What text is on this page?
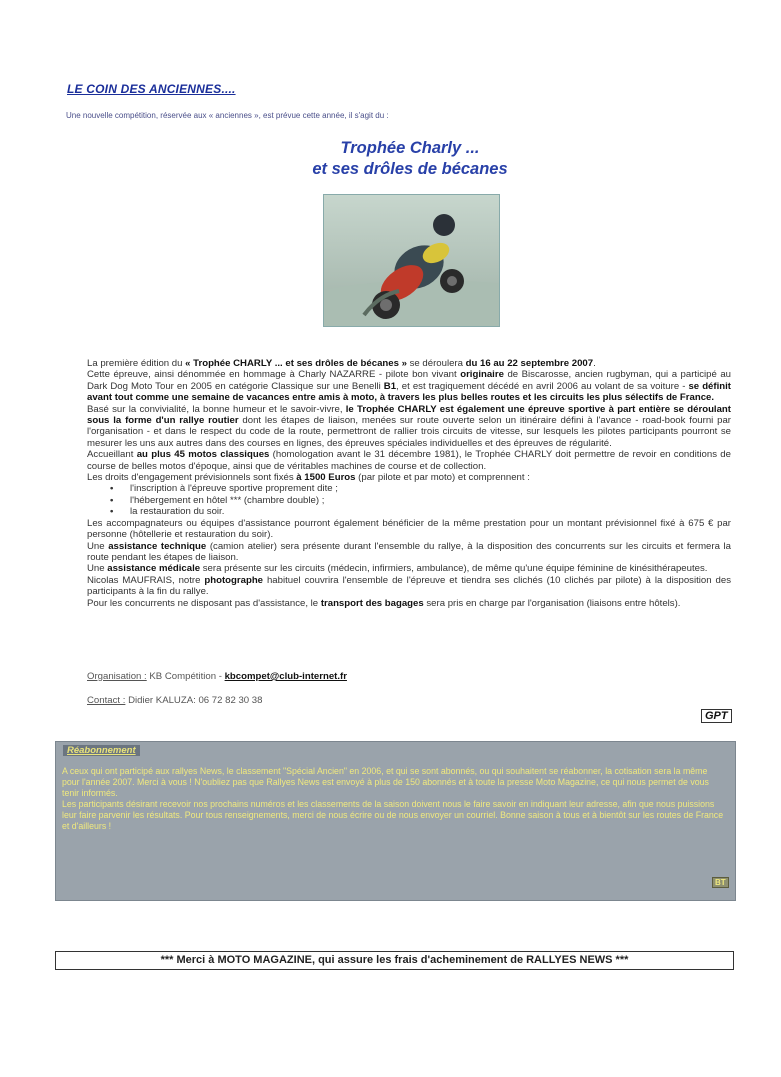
LE COIN DES ANCIENNES....
Une nouvelle compétition, réservée aux « anciennes », est prévue cette année, il s'agit du :
Trophée Charly ...
et ses drôles de bécanes

La première édition du « Trophée CHARLY ... et ses drôles de bécanes » se déroulera du 16 au 22 septembre 2007.

Cette épreuve, ainsi dénommée en hommage à Charly NAZARRE - pilote bon vivant originaire de Biscarosse, ancien rugbyman, qui a participé au Dark Dog Moto Tour en 2005 en catégorie Classique sur une Benelli B1, et est tragiquement décédé en avril 2006 au volant de sa voiture - se définit avant tout comme une semaine de vacances entre amis à moto, à travers les plus belles routes et les circuits les plus sélectifs de France.

Basé sur la convivialité, la bonne humeur et le savoir-vivre, le Trophée CHARLY est également une épreuve sportive à part entière se déroulant sous la forme d'un rallye routier dont les étapes de liaison, menées sur route ouverte selon un itinéraire défini à l'avance - road-book fourni par l'organisation - et dans le respect du code de la route, permettront de rallier trois circuits de vitesse, sur lesquels les pilotes participants pourront se mesurer les uns aux autres dans des courses en lignes, des épreuves spéciales individuelles et des épreuves de régularité.

Accueillant au plus 45 motos classiques (homologation avant le 31 décembre 1981), le Trophée CHARLY doit permettre de revoir en conditions de course de belles motos d'époque, ainsi que de véritables machines de course et de collection.

Les droits d'engagement prévisionnels sont fixés à 1500 Euros (par pilote et par moto) et comprennent :

• l'inscription à l'épreuve sportive proprement dite ;
• l'hébergement en hôtel *** (chambre double) ;
• la restauration du soir.

Les accompagnateurs ou équipes d'assistance pourront également bénéficier de la même prestation pour un montant prévisionnel fixé à 675 € par personne (hôtellerie et restauration du soir).

Une assistance technique (camion atelier) sera présente durant l'ensemble du rallye, à la disposition des concurrents sur les circuits et fermera la route pendant les étapes de liaison.

Une assistance médicale sera présente sur les circuits (médecin, infirmiers, ambulance), de même qu'une équipe féminine de kinésithérapeutes.

Nicolas MAUFRAIS, notre photographe habituel couvrira l'ensemble de l'épreuve et tiendra ses clichés (10 clichés par pilote) à la disposition des participants à la fin du rallye.

Pour les concurrents ne disposant pas d'assistance, le transport des bagages sera pris en charge par l'organisation (liaisons entre hôtels).

Organisation : KB Compétition - kbcompet@club-internet.fr
Contact : Didier KALUZA: 06 72 82 30 38
GPT
Réabonnement

A ceux qui ont participé aux rallyes News, le classement "Spécial Ancien" en 2006, et qui se sont abonnés, ou qui souhaitent se réabonner, la cotisation sera la même pour l'année 2007. Merci à vous ! N'oubliez pas que Rallyes News est envoyé à plus de 150 abonnés et à toute la presse Moto Magazine, ce qui nous permet de vous tenir informés.

Les participants désirant recevoir nos prochains numéros et les classements de la saison doivent nous le faire savoir en indiquant leur adresse, afin que nous puissions leur faire parvenir les résultats. Pour tous renseignements, merci de nous écrire ou de nous envoyer un courriel. Bonne saison à tous et à bientôt sur les routes de France et d'ailleurs !

BT
*** Merci à MOTO MAGAZINE, qui assure les frais d'acheminement de RALLYES NEWS ***
